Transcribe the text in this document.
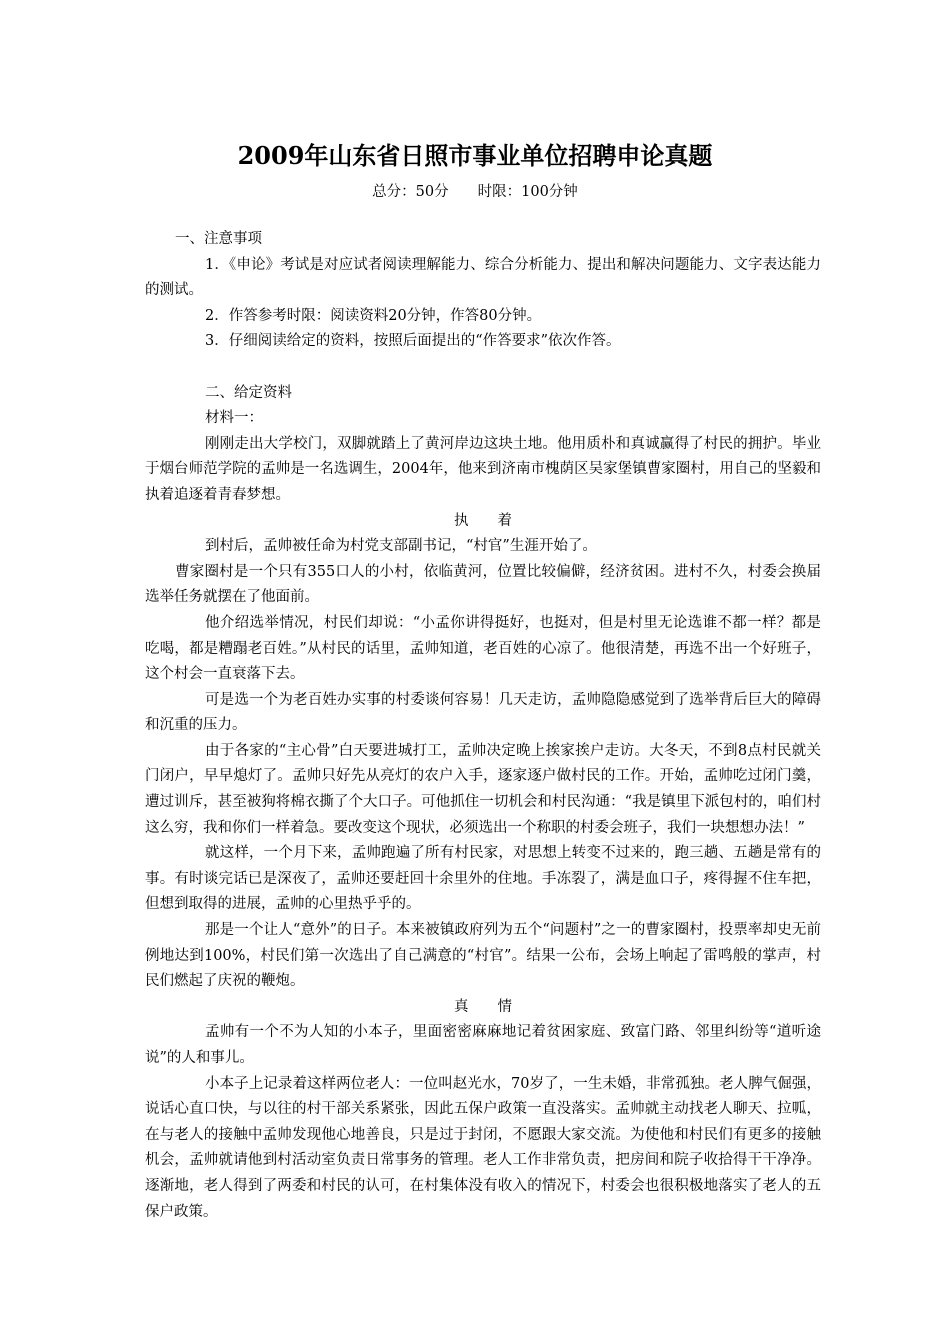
2009年山东省日照市事业单位招聘申论真题
总分：50分　　时限：100分钟

一、注意事项

1．《申论》考试是对应试者阅读理解能力、综合分析能力、提出和解决问题能力、文字表达能力的测试。

2．作答参考时限：阅读资料20分钟，作答80分钟。

3．仔细阅读给定的资料，按照后面提出的“作答要求”依次作答。

二、给定资料

材料一：

刚刚走出大学校门，双脚就踏上了黄河岸边这块土地。他用质朴和真诚赢得了村民的拥护。毕业于烟台师范学院的孟帅是一名选调生，2004年，他来到济南市槐荫区吴家堡镇曹家圈村，用自己的坚毅和执着追逐着青春梦想。

执　　着

到村后，孟帅被任命为村党支部副书记，“村官”生涯开始了。

曹家圈村是一个只有355口人的小村，依临黄河，位置比较偏僻，经济贫困。进村不久，村委会换届选举任务就摆在了他面前。

他介绍选举情况，村民们却说：“小孟你讲得挺好，也挺对，但是村里无论选谁不都一样？都是吃喝，都是糟蹋老百姓。”从村民的话里，孟帅知道，老百姓的心凉了。他很清楚，再选不出一个好班子，这个村会一直衰落下去。

可是选一个为老百姓办实事的村委谈何容易！几天走访，孟帅隐隐感觉到了选举背后巨大的障碍和沉重的压力。

由于各家的“主心骨”白天要进城打工，孟帅决定晚上挨家挨户走访。大冬天，不到8点村民就关门闭户，早早熄灯了。孟帅只好先从亮灯的农户入手，逐家逐户做村民的工作。开始，孟帅吃过闭门羹，遭过训斥，甚至被狗将棉衣撕了个大口子。可他抓住一切机会和村民沟通：“我是镇里下派包村的，咱们村这么穷，我和你们一样着急。要改变这个现状，必须选出一个称职的村委会班子，我们一块想想办法！”

就这样，一个月下来，孟帅跑遍了所有村民家，对思想上转变不过来的，跑三趟、五趟是常有的事。有时谈完话已是深夜了，孟帅还要赶回十余里外的住地。手冻裂了，满是血口子，疼得握不住车把，但想到取得的进展，孟帅的心里热乎乎的。

那是一个让人“意外”的日子。本来被镇政府列为五个“问题村”之一的曹家圈村，投票率却史无前例地达到100%，村民们第一次选出了自己满意的“村官”。结果一公布，会场上响起了雷鸣般的掌声，村民们燃起了庆祝的鞭炮。

真　　情

孟帅有一个不为人知的小本子，里面密密麻麻地记着贫困家庭、致富门路、邻里纠纷等“道听途说”的人和事儿。

小本子上记录着这样两位老人：一位叫赵光水，70岁了，一生未婚，非常孤独。老人脾气倔强，说话心直口快，与以往的村干部关系紧张，因此五保户政策一直没落实。孟帅就主动找老人聊天、拉呱，在与老人的接触中孟帅发现他心地善良，只是过于封闭，不愿跟大家交流。为使他和村民们有更多的接触机会，孟帅就请他到村活动室负责日常事务的管理。老人工作非常负责，把房间和院子收拾得干干净净。逐渐地，老人得到了两委和村民的认可，在村集体没有收入的情况下，村委会也很积极地落实了老人的五保户政策。
